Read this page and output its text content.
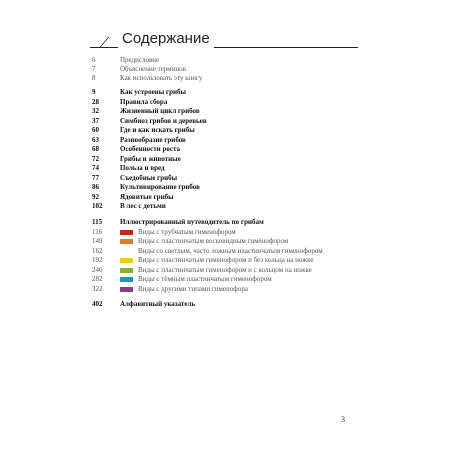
Содержание
6	Предисловие
7	Объяснение терминов
8	Как использовать эту книгу
9	Как устроены грибы
28	Правила сбора
32	Жизненный цикл грибов
37	Симбиоз грибов и деревьев
60	Где и как искать грибы
63	Разнообразие грибов
68	Особенности роста
72	Грибы и животные
74	Польза и вред
77	Съедобные грибы
86	Культивирование грибов
92	Ядовитые грибы
102	В лес с детьми
115	Иллюстрированный путеводитель по грибам
116	Виды с трубчатым гименофором
149	Виды с пластинчатым восковидным гименофором
162	Виды со светлым, часто ложным пластинчатым гименофором
192	Виды с пластинчатым гименофором и без кольца на ножке
246	Виды с пластинчатым гименофором и с кольцом на ножке
282	Виды с тёмным пластинчатым гименофором
322	Виды с другими типами гименофора
402	Алфавитный указатель
3
